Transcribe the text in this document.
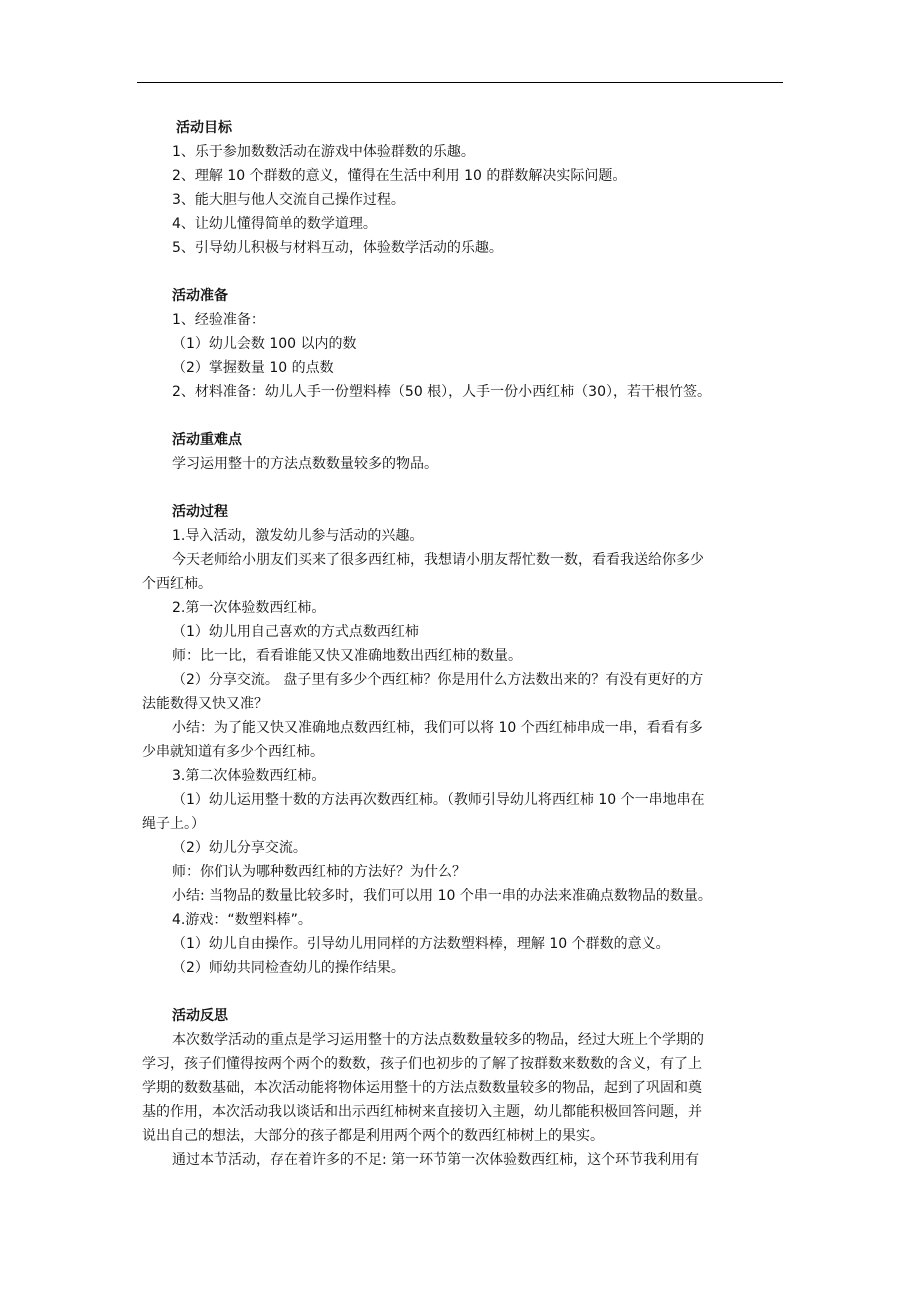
活动目标

1、乐于参加数数活动在游戏中体验群数的乐趣。

2、理解 10 个群数的意义，懂得在生活中利用 10 的群数解决实际问题。

3、能大胆与他人交流自己操作过程。

4、让幼儿懂得简单的数学道理。

5、引导幼儿积极与材料互动，体验数学活动的乐趣。

活动准备

1、经验准备：

（1）幼儿会数 100 以内的数

（2）掌握数量 10 的点数

2、材料准备：幼儿人手一份塑料棒（50 根），人手一份小西红柿（30），若干根竹签。

活动重难点

学习运用整十的方法点数数量较多的物品。

活动过程

1.导入活动，激发幼儿参与活动的兴趣。

今天老师给小朋友们买来了很多西红柿，我想请小朋友帮忙数一数，看看我送给你多少

个西红柿。

2.第一次体验数西红柿。

（1）幼儿用自己喜欢的方式点数西红柿

师：比一比，看看谁能又快又准确地数出西红柿的数量。

（2）分享交流。 盘子里有多少个西红柿？你是用什么方法数出来的？有没有更好的方

法能数得又快又准？

小结：为了能又快又准确地点数西红柿，我们可以将 10 个西红柿串成一串，看看有多

少串就知道有多少个西红柿。

3.第二次体验数西红柿。

（1）幼儿运用整十数的方法再次数西红柿。（教师引导幼儿将西红柿 10 个一串地串在

绳子上。）

（2）幼儿分享交流。

师：你们认为哪种数西红柿的方法好？为什么？

小结: 当物品的数量比较多时，我们可以用 10 个串一串的办法来准确点数物品的数量。

4.游戏：“数塑料棒”。

（1）幼儿自由操作。引导幼儿用同样的方法数塑料棒，理解 10 个群数的意义。

（2）师幼共同检查幼儿的操作结果。

活动反思

本次数学活动的重点是学习运用整十的方法点数数量较多的物品，经过大班上个学期的

学习，孩子们懂得按两个两个的数数，孩子们也初步的了解了按群数来数数的含义，有了上

学期的数数基础，本次活动能将物体运用整十的方法点数数量较多的物品，起到了巩固和奠

基的作用，本次活动我以谈话和出示西红柿树来直接切入主题，幼儿都能积极回答问题，并

说出自己的想法，大部分的孩子都是利用两个两个的数西红柿树上的果实。

通过本节活动，存在着许多的不足: 第一环节第一次体验数西红柿，这个环节我利用有
